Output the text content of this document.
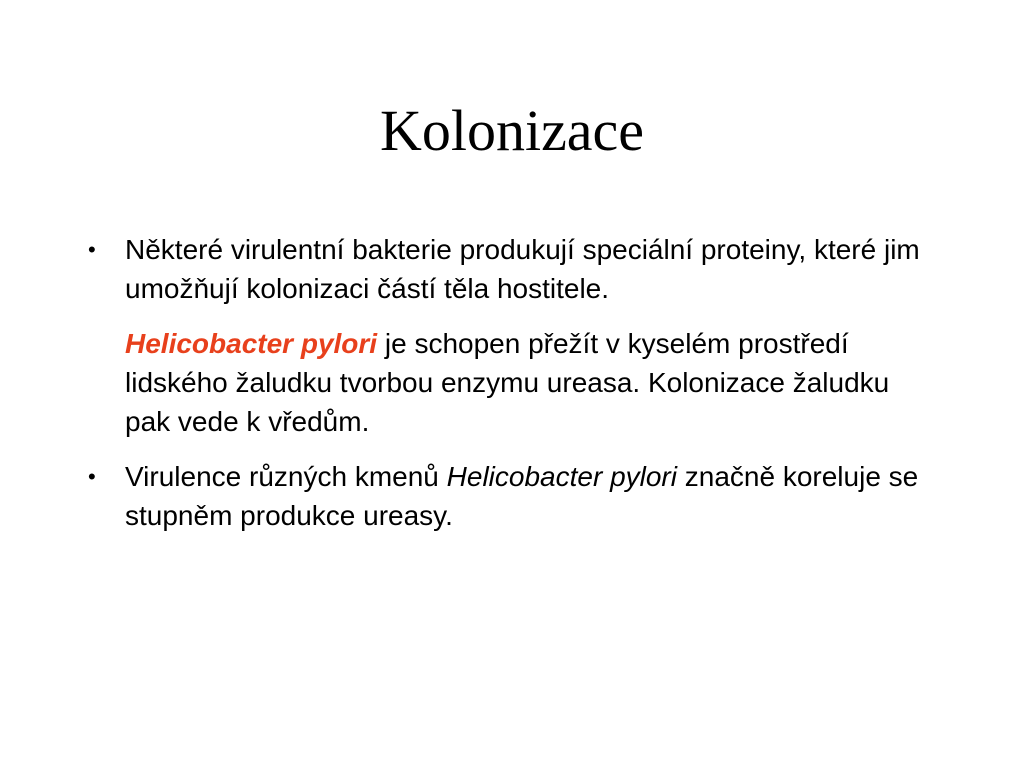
Kolonizace

• Některé virulentní bakterie produkují speciální proteiny, které jim umožňují kolonizaci částí těla hostitele.

Helicobacter pylori je schopen přežít v kyselém prostředí lidského žaludku tvorbou enzymu ureasa. Kolonizace žaludku pak vede k vředům.

• Virulence různých kmenů Helicobacter pylori značně koreluje se stupněm produkce ureasy.
